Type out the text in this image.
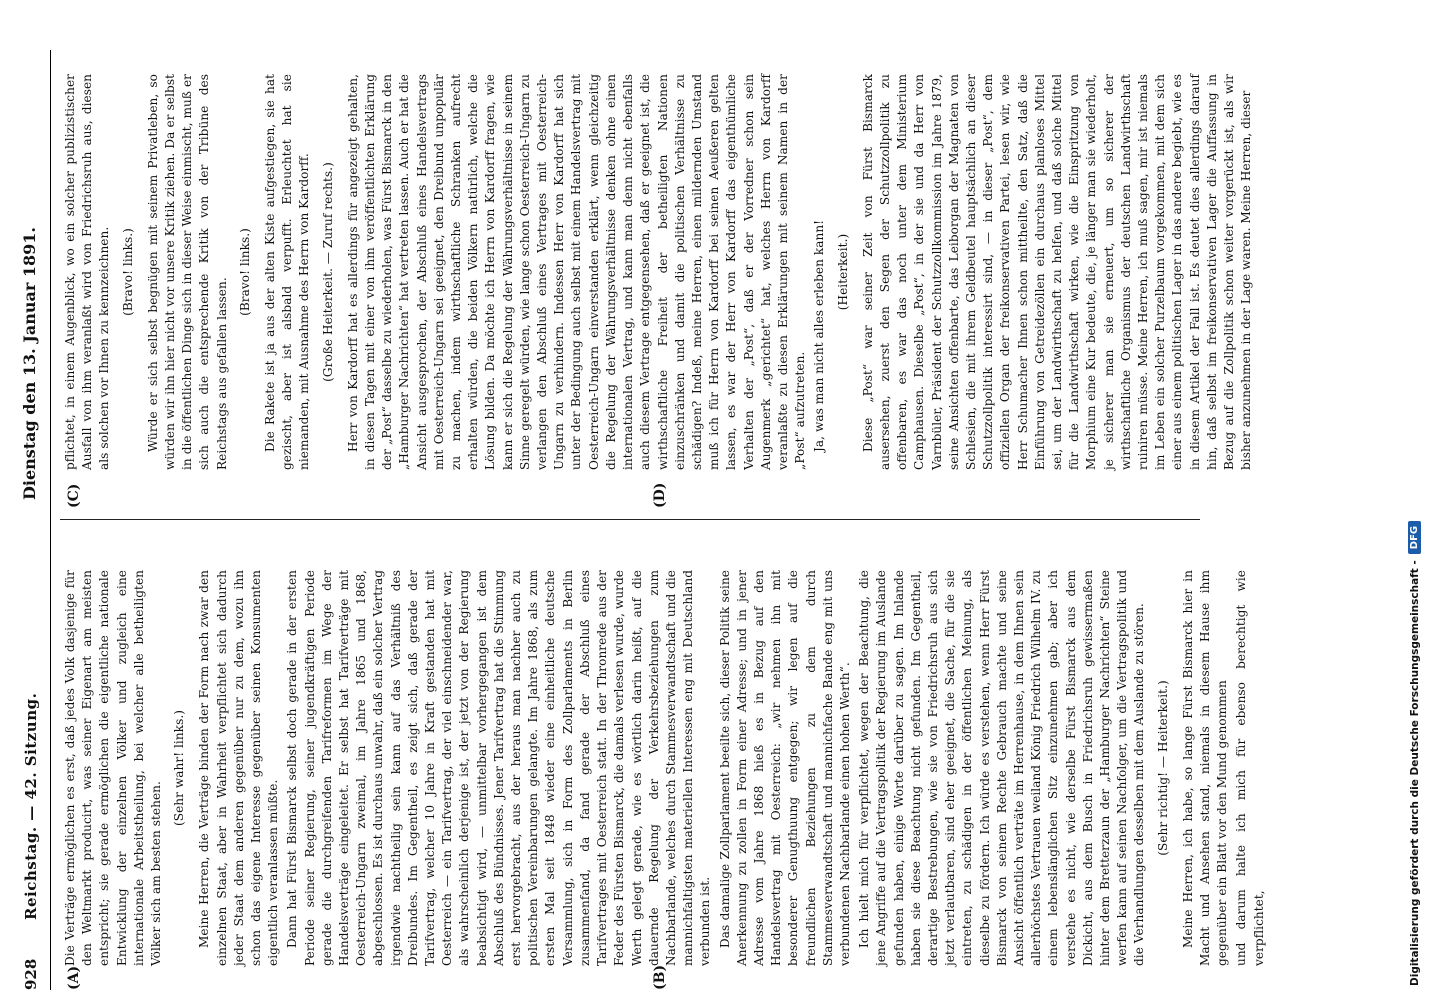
928
Reichstag. — 42. Sitzung.
Dienstag den 13. Januar 1891.
(A)	(B)
(C)	(D)

Die Verträge ermöglichen es erst, daß jedes Volk dasjenige für den Weltmarkt producirt, was seiner Eigenart am meisten entspricht; sie gerade ermöglichen die eigentliche nationale Entwicklung der einzelnen Völker und zugleich eine internationale Arbeitstheilung, bei welcher alle betheiligten Völker sich am besten stehen.

(Sehr wahr! links.) Meine Herren, die Verträge binden der Form nach zwar den einzelnen Staat, aber in Wahrheit verpflichtet sich dadurch jeder Staat dem anderen gegenüber nur zu dem, wozu ihn schon das eigene Interesse gegenüber seinen Konsumenten eigentlich veranlassen müßte. Dann hat Fürst Bismarck selbst doch gerade in der ersten Periode seiner Regierung, seiner jugendkräftigen Periode gerade die durchgreifenden Tarifreformen im Wege der Handelsverträge eingeleitet. Er selbst hat Tarifverträge mit Oesterreich-Ungarn zweimal, im Jahre 1865 und 1868, abgeschlossen. Es ist durchaus unwahr, daß ein solcher Vertrag irgendwie nachtheilig sein kann auf das Verhältniß des Dreibundes. Im Gegentheil, es zeigt sich, daß gerade der Tarifvertrag, welcher 10 Jahre in Kraft gestanden hat mit Oesterreich — ein Tarifvertrag, der viel einschneidender war, als wahrscheinlich derjenige ist, der jetzt von der Regierung beabsichtigt wird, — unmittelbar vorhergegangen ist dem Abschluß des Bündnisses. Jener Tarifvertrag hat die Stimmung erst hervorgebracht, aus der heraus man nachher auch zu politischen Vereinbarungen gelangte. Im Jahre 1868, als zum ersten Mal seit 1848 wieder eine einheitliche deutsche Versammlung, sich in Form des Zollparlaments in Berlin zusammenfand, da fand gerade der Abschluß eines Tarifvertrages mit Oesterreich statt. In der Thronrede aus der Feder des Fürsten Bismarck, die damals verlesen wurde, wurde Werth gelegt gerade, wie es wörtlich darin heißt, auf die dauernde Regelung der Verkehrsbeziehungen zum Nachbarlande, welches durch Stammesverwandtschaft und die mannichfaltigsten materiellen Interessen eng mit Deutschland verbunden ist. Das damalige Zollparlament beeilte sich, dieser Politik seine Anerkennung zu zollen in Form einer Adresse; und in jener Adresse vom Jahre 1868 hieß es in Bezug auf den Handelsvertrag mit Oesterreich: „wir nehmen ihn mit besonderer Genugthuung entgegen; wir legen auf die freundlichen Beziehungen zu dem durch Stammesverwandtschaft und mannichfache Bande eng mit uns verbundenen Nachbarlande einen hohen Werth“. Ich hielt mich für verpflichtet, wegen der Beachtung, die jene Angriffe auf die Vertragspolitik der Regierung im Auslande gefunden haben, einige Worte darüber zu sagen. Im Inlande haben sie diese Beachtung nicht gefunden. Im Gegentheil, derartige Bestrebungen, wie sie von Friedrichsruh aus sich jetzt verlautbaren, sind eher geeignet, die Sache, für die sie eintreten, zu schädigen in der öffentlichen Meinung, als dieselbe zu fördern. Ich würde es verstehen, wenn Herr Fürst Bismarck von seinem Rechte Gebrauch machte und seine Ansicht öffentlich verträte im Herrenhause, in dem Ihnen sein allerhöchstes Vertrauen weiland König Friedrich Wilhelm IV. zu einem lebenslänglichen Sitz einzunehmen gab; aber ich verstehe es nicht, wie derselbe Fürst Bismarck aus dem Dickicht, aus dem Busch in Friedrichsruh gewissermaßen hinter dem Bretterzaun der „Hamburger Nachrichten“ Steine werfen kann auf seinen Nachfolger, um die Vertragspolitik und die Verhandlungen desselben mit dem Auslande zu stören. (Sehr richtig! — Heiterkeit.) Meine Herren, ich habe, so lange Fürst Bismarck hier in Macht und Ansehen stand, niemals in diesem Hause ihm gegenüber ein Blatt vor den Mund genommen und darum halte ich mich für ebenso berechtigt wie verpflichtet,

pflichtet, in einem Augenblick, wo ein solcher publizistischer Ausfall von ihm veranlaßt wird von Friedrichsruh aus, diesen als solchen vor Ihnen zu kennzeichnen. (Bravo! links.) Würde er sich selbst begnügen mit seinem Privatleben, so würden wir ihn hier nicht vor unsere Kritik ziehen. Da er selbst in die öffentlichen Dinge sich in dieser Weise einmischt, muß er sich auch die entsprechende Kritik von der Tribüne des Reichstags aus gefallen lassen.

(Bravo! links.) Die Rakete ist ja aus der alten Kiste aufgestiegen, sie hat gezischt, aber ist alsbald verpufft. Erleuchtet hat sie niemanden, mit Ausnahme des Herrn von Kardorff. (Große Heiterkeit. — Zuruf rechts.) Herr von Kardorff hat es allerdings für angezeigt gehalten, in diesen Tagen mit einer von ihm veröffentlichten Erklärung der „Post“ dasselbe zu wiederholen, was Fürst Bismarck in den „Hamburger Nachrichten“ hat vertreten lassen. Auch er hat die Ansicht ausgesprochen, der Abschluß eines Handelsvertrags mit Oesterreich-Ungarn sei geeignet, den Dreibund unpopulär zu machen, indem wirthschaftliche Schranken aufrecht erhalten würden, die beiden Völkern natürlich, welche die Lösung bilden. Da möchte ich Herrn von Kardorff fragen, wie kann er sich die Regelung der Währungsverhältnisse in seinem Sinne geregelt würden, wie lange schon Oesterreich-Ungarn zu verlangen den Abschluß eines Vertrages mit Oesterreich-Ungarn zu verhindern. Indessen Herr von Kardorff hat sich unter der Bedingung auch selbst mit einem Handelsvertrag mit Oesterreich-Ungarn einverstanden erklärt, wenn gleichzeitig die Regelung der Währungsverhältnisse denken ohne einen internationalen Vertrag, und kann man denn nicht ebenfalls auch diesem Vertrage entgegensehen, daß er geeignet ist, die wirthschaftliche Freiheit der betheiligten Nationen einzuschränken und damit die politischen Verhältnisse zu schädigen? Indeß, meine Herren, einen mildernden Umstand muß ich für Herrn von Kardorff bei seinen Aeußeren gelten lassen, es war der Herr von Kardorff das eigenthümliche Verhalten der „Post“, daß er der Vorredner schon sein Augenmerk „gerichtet“ hat, welches Herrn von Kardorff veranlaßte zu diesen Erklärungen mit seinem Namen in der „Post“ aufzutreten. Ja, was man nicht alles erleben kann! (Heiterkeit.) Diese „Post“ war seiner Zeit von Fürst Bismarck ausersehen, zuerst den Segen der Schutzzollpolitik zu offenbaren, es war das noch unter dem Ministerium Camphausen. Dieselbe „Post“, in der sie und da Herr von Varnbüler, Präsident der Schutzzollkommission im Jahre 1879, seine Ansichten offenbarte, das Leiborgan der Magnaten von Schlesien, die mit ihrem Geldbeutel hauptsächlich an dieser Schutzzollpolitik interessirt sind, — in dieser „Post“, dem offiziellen Organ der freikonservativen Partei, lesen wir, wie Herr Schumacher Ihnen schon mittheilte, den Satz, daß die Einführung von Getreidezöllen ein durchaus planloses Mittel sei, um der Landwirthschaft zu helfen, und daß solche Mittel für die Landwirthschaft wirken, wie die Einspritzung von Morphium eine Kur bedeute, die, je länger man sie wiederholt, je sicherer man sie erneuert, um so sicherer der wirthschaftliche Organismus der deutschen Landwirthschaft ruiniren müsse. Meine Herren, ich muß sagen, mir ist niemals im Leben ein solcher Purzelbaum vorgekommen, mit dem sich einer aus einem politischen Lager in das andere begiebt, wie es in diesem Artikel der Fall ist. Es deutet dies allerdings darauf hin, daß selbst im freikonservativen Lager die Auffassung in Bezug auf die Zollpolitik schon weiter vorgerückt ist, als wir bisher anzunehmen in der Lage waren. Meine Herren, dieser

Digitalisierung gefördert durch die Deutsche Forschungsgemeinschaft -
DFG
